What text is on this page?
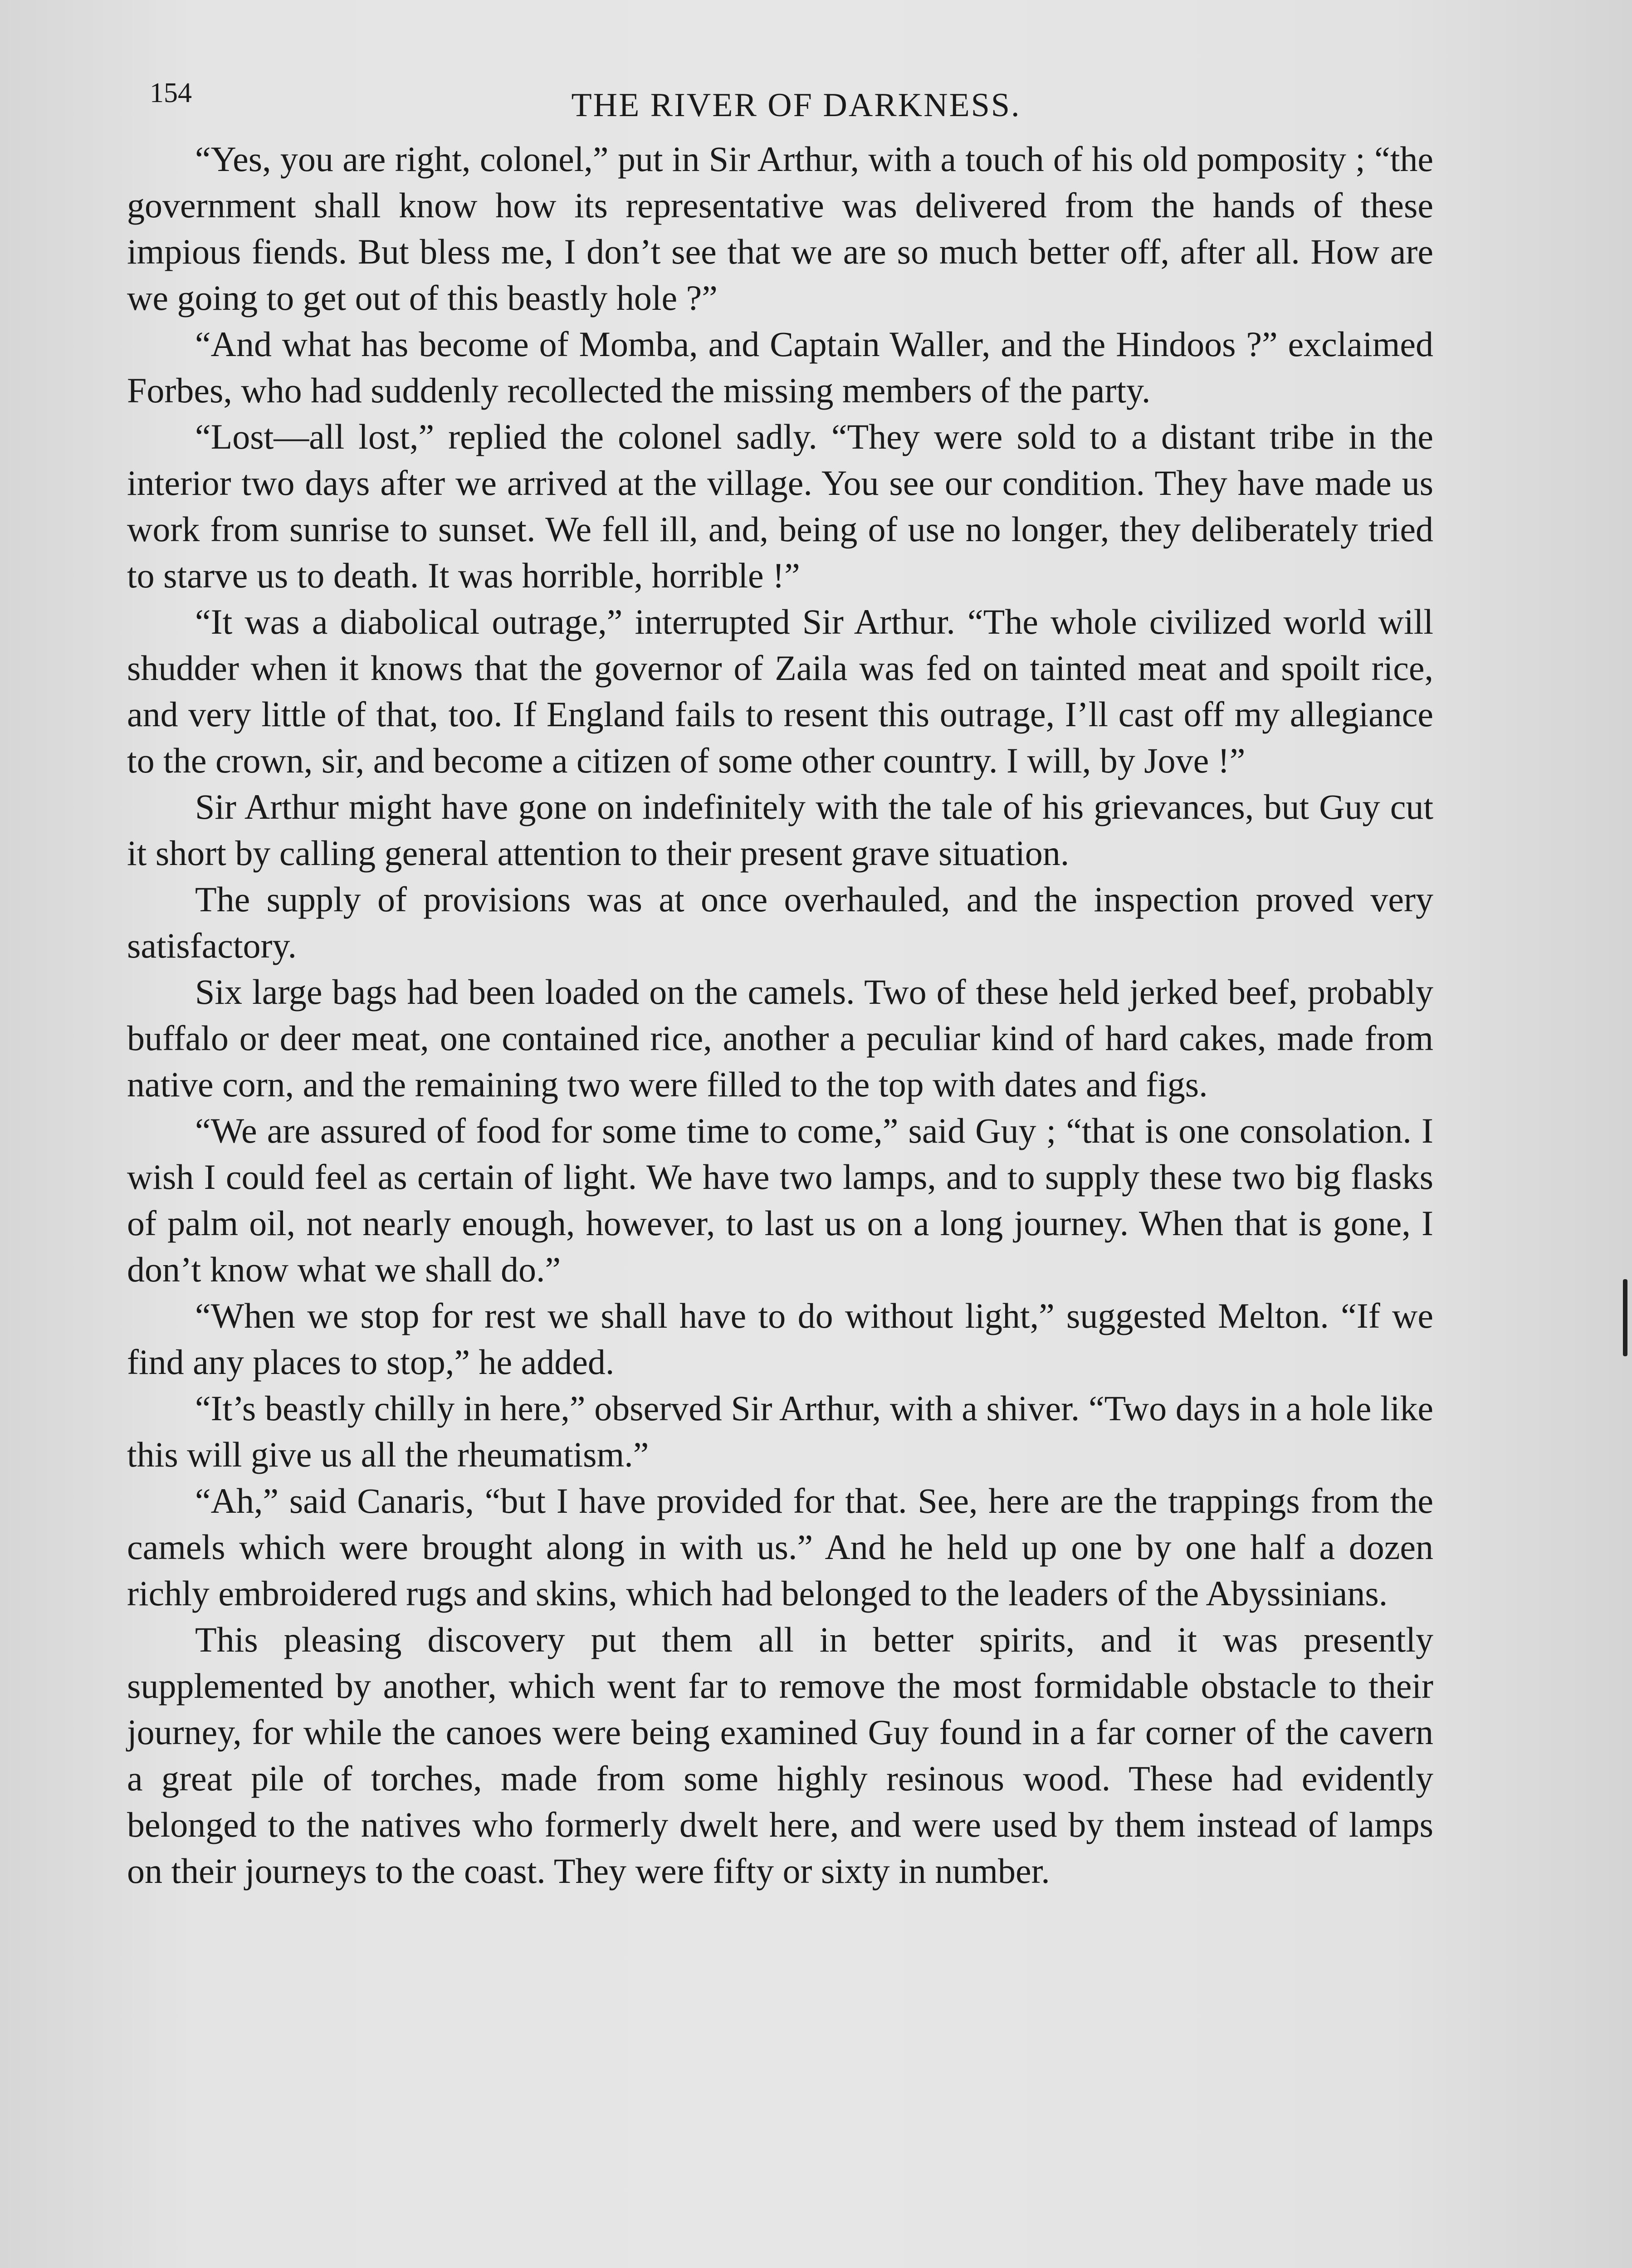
154	THE RIVER OF DARKNESS.

“Yes, you are right, colonel,” put in Sir Arthur, with a touch of his old pomposity ; “the government shall know how its representative was delivered from the hands of these impious fiends. But bless me, I don’t see that we are so much better off, after all. How are we going to get out of this beastly hole ?”

“And what has become of Momba, and Captain Waller, and the Hindoos ?” exclaimed Forbes, who had suddenly recollected the missing members of the party.

“Lost—all lost,” replied the colonel sadly. “They were sold to a distant tribe in the interior two days after we arrived at the village. You see our condition. They have made us work from sunrise to sunset. We fell ill, and, being of use no longer, they deliberately tried to starve us to death. It was horrible, horrible !”

“It was a diabolical outrage,” interrupted Sir Arthur. “The whole civilized world will shudder when it knows that the governor of Zaila was fed on tainted meat and spoilt rice, and very little of that, too. If England fails to resent this outrage, I’ll cast off my allegiance to the crown, sir, and become a citizen of some other country. I will, by Jove !”

Sir Arthur might have gone on indefinitely with the tale of his grievances, but Guy cut it short by calling general attention to their present grave situation.

The supply of provisions was at once overhauled, and the inspection proved very satisfactory.

Six large bags had been loaded on the camels. Two of these held jerked beef, probably buffalo or deer meat, one contained rice, another a peculiar kind of hard cakes, made from native corn, and the remaining two were filled to the top with dates and figs.

“We are assured of food for some time to come,” said Guy ; “that is one consolation. I wish I could feel as certain of light. We have two lamps, and to supply these two big flasks of palm oil, not nearly enough, however, to last us on a long journey. When that is gone, I don’t know what we shall do.”

“When we stop for rest we shall have to do without light,” suggested Melton. “If we find any places to stop,” he added.

“It’s beastly chilly in here,” observed Sir Arthur, with a shiver. “Two days in a hole like this will give us all the rheumatism.”

“Ah,” said Canaris, “but I have provided for that. See, here are the trappings from the camels which were brought along in with us.” And he held up one by one half a dozen richly embroidered rugs and skins, which had belonged to the leaders of the Abyssinians.

This pleasing discovery put them all in better spirits, and it was presently supplemented by another, which went far to remove the most formidable obstacle to their journey, for while the canoes were being examined Guy found in a far corner of the cavern a great pile of torches, made from some highly resinous wood. These had evidently belonged to the natives who formerly dwelt here, and were used by them instead of lamps on their journeys to the coast. They were fifty or sixty in number.
